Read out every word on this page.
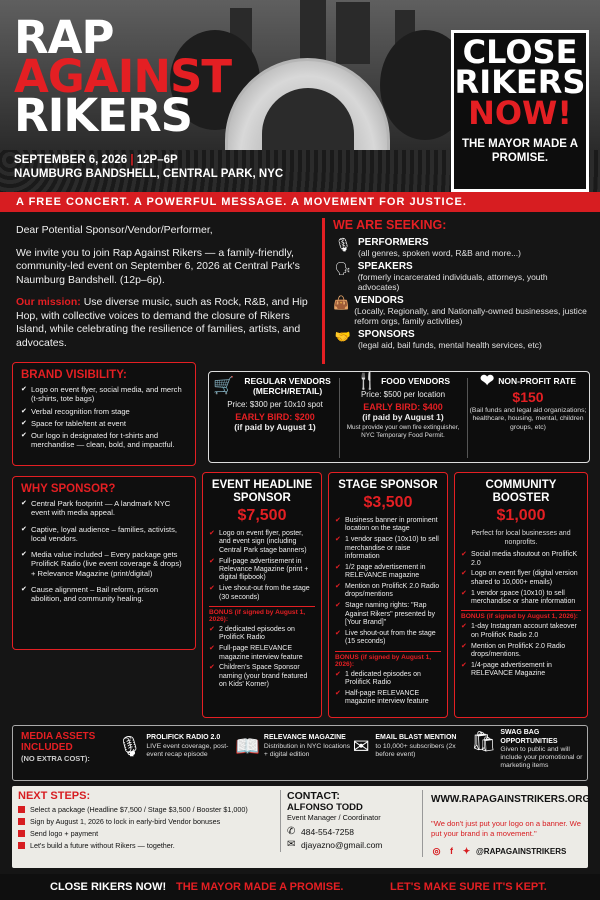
RAP
AGAINST
RIKERS
SEPTEMBER 6, 2026 | 12P–6P
NAUMBURG BANDSHELL, CENTRAL PARK, NYC
CLOSE
RIKERS
NOW!
THE MAYOR MADE A PROMISE.
A FREE CONCERT. A POWERFUL MESSAGE. A MOVEMENT FOR JUSTICE.

Dear Potential Sponsor/Vendor/Performer,

We invite you to join Rap Against Rikers — a family-friendly, community-led event on September 6, 2026 at Central Park's Naumburg Bandshell. (12p–6p).

Our mission: Use diverse music, such as Rock, R&B, and Hip Hop, with collective voices to demand the closure of Rikers Island, while celebrating the resilience of families, artists, and advocates.

WE ARE SEEKING:
🎙 PERFORMERS
(all genres, spoken word, R&B and more...)
🗣 SPEAKERS
(formerly incarcerated individuals, attorneys, youth advocates)
👜 VENDORS
(Locally, Regionally, and Nationally-owned businesses, justice reform orgs, family activities)
🤝 SPONSORS
(legal aid, bail funds, mental health services, etc)
BRAND VISIBILITY:
✔ Logo on event flyer, social media, and merch (t-shirts, tote bags)
✔ Verbal recognition from stage
✔ Space for table/tent at event
✔ Our logo in designated for t-shirts and merchandise — clean, bold, and impactful.
🛒	REGULAR VENDORS (MERCH/RETAIL)
Price: $300 per 10x10 spot
EARLY BIRD: $200
(if paid by August 1)
🍴 FOOD VENDORS
Price: $500 per location
EARLY BIRD: $400
(if paid by August 1)
Must provide your own fire extinguisher, NYC Temporary Food Permit.
❤ NON-PROFIT RATE
$150
(Bail funds and legal aid organizations; healthcare, housing, mental, children groups, etc)
WHY SPONSOR?
✔ Central Park footprint — A landmark NYC event with media appeal.
✔ Captive, loyal audience – families, activists, local vendors.
✔ Media value included – Every package gets ProlificK Radio (live event coverage & drops) + Relevance Magazine (print/digital)
✔ Cause alignment – Bail reform, prison abolition, and community healing.
EVENT HEADLINE SPONSOR
$7,500
✔ Logo on event flyer, poster, and event sign (including Central Park stage banners)
✔ Full-page advertisement in Relevance Magazine (print + digital flipbook)
✔ Live shout-out from the stage (30 seconds)
BONUS (if signed by August 1, 2026):
✔ 2 dedicated episodes on ProlificK Radio
✔ Full-page RELEVANCE magazine interview feature
✔ Children's Space Sponsor naming (your brand featured on Kids' Korner)
STAGE SPONSOR
$3,500
✔ Business banner in prominent location on the stage
✔ 1 vendor space (10x10) to sell merchandise or raise information
✔ 1/2 page advertisement in RELEVANCE magazine
✔ Mention on ProlificK 2.0 Radio drops/mentions
✔ Stage naming rights: "Rap Against Rikers" presented by [Your Brand]"
✔ Live shout-out from the stage (15 seconds)
BONUS (if signed by August 1, 2026):
✔ 1 dedicated episodes on ProlificK Radio
✔ Half-page RELEVANCE magazine interview feature
COMMUNITY BOOSTER
$1,000
Perfect for local businesses and nonprofits.
✔ Social media shoutout on ProlificK 2.0
✔ Logo on event flyer (digital version shared to 10,000+ emails)
✔ 1 vendor space (10x10) to sell merchandise or share information
BONUS (if signed by August 1, 2026):
✔ 1-day Instagram account takeover on ProlificK Radio 2.0
✔ Mention on ProlificK 2.0 Radio drops/mentions.
✔ 1/4-page advertisement in RELEVANCE Magazine
MEDIA ASSETS INCLUDED
(NO EXTRA COST):
🎙 PROLIFICK RADIO 2.0
LIVE event coverage, post-event recap episode	📖 RELEVANCE MAGAZINE
Distribution in NYC locations + digital edition	✉ EMAIL BLAST MENTION
to 10,000+ subscribers (2x before event)
🛍 SWAG BAG OPPORTUNITIES
Given to public and will include your promotional or marketing items
NEXT STEPS:
Select a package (Headline $7,500 / Stage $3,500 / Booster $1,000)
Sign by August 1, 2026 to lock in early-bird Vendor bonuses
Send logo + payment
Let's build a future without Rikers — together.
CONTACT:
ALFONSO TODD
Event Manager / Coordinator
✆ 484-554-7258
✉ djayazno@gmail.com
WWW.RAPAGAINSTRIKERS.ORG
"We don't just put your logo on a banner. We put your brand in a movement."
◎	f	✦ @RAPAGAINSTRIKERS
CLOSE RIKERS NOW! THE MAYOR MADE A PROMISE.	LET'S MAKE SURE IT'S KEPT.
